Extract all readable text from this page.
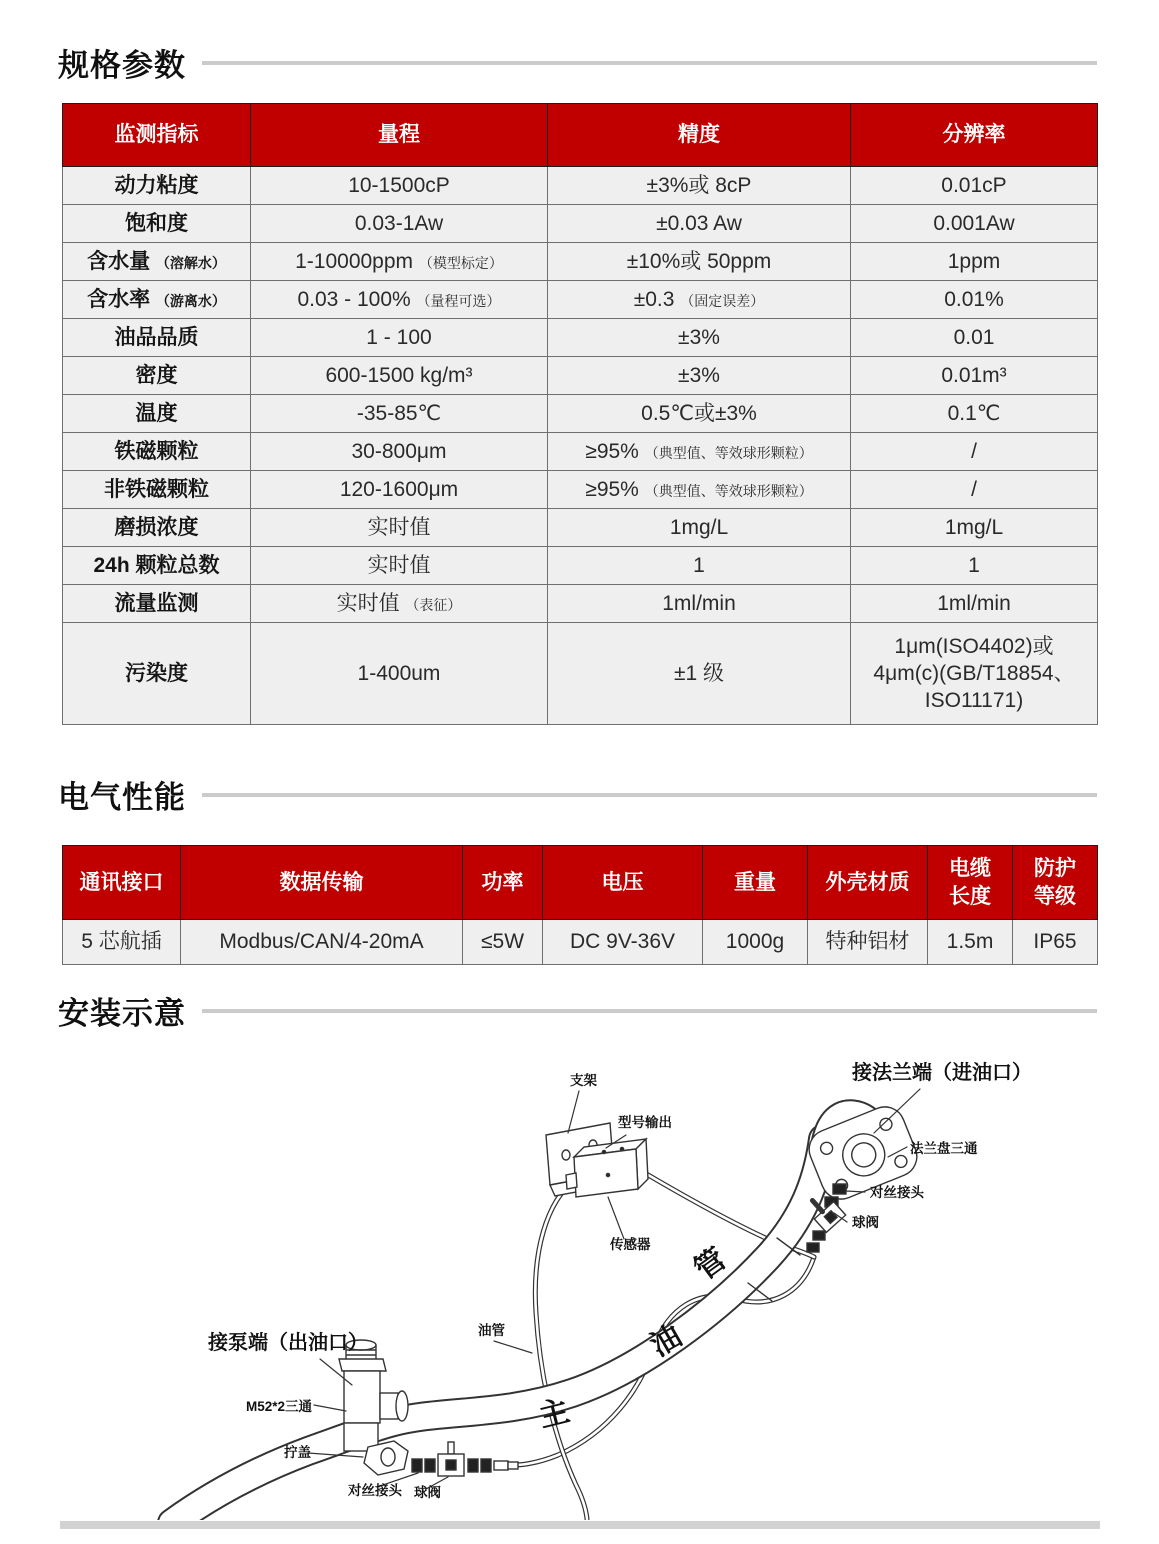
规格参数
监测指标	量程	精度	分辨率
动力粘度	10-1500cP	±3%或 8cP	0.01cP
饱和度	0.03-1Aw	±0.03 Aw	0.001Aw
含水量 （溶解水）	1-10000ppm （模型标定）	±10%或 50ppm	1ppm
含水率 （游离水）	0.03 - 100% （量程可选）	±0.3 （固定误差）	0.01%
油品品质	1 - 100	±3%	0.01
密度	600-1500 kg/m³	±3%	0.01m³
温度	-35-85℃	0.5℃或±3%	0.1℃
铁磁颗粒	30-800μm	≥95% （典型值、等效球形颗粒）	/
非铁磁颗粒	120-1600μm	≥95% （典型值、等效球形颗粒）	/
磨损浓度	实时值	1mg/L	1mg/L
24h 颗粒总数	实时值	1	1
流量监测	实时值 （表征）	1ml/min	1ml/min
污染度	1-400um	±1 级	1μm(ISO4402)或 4μm(c)(GB/T18854、ISO11171)
电气性能
通讯接口	数据传输	功率	电压	重量	外壳材质	电缆长度	防护等级
5 芯航插	Modbus/CAN/4-20mA	≤5W	DC 9V-36V	1000g	特种铝材	1.5m	IP65
安装示意
主
油
管
支架
型号输出
传感器
接法兰端（进油口）
法兰盘三通
对丝接头
球阀
油管
接泵端（出油口）
M52*2三通
拧盖
对丝接头 球阀
